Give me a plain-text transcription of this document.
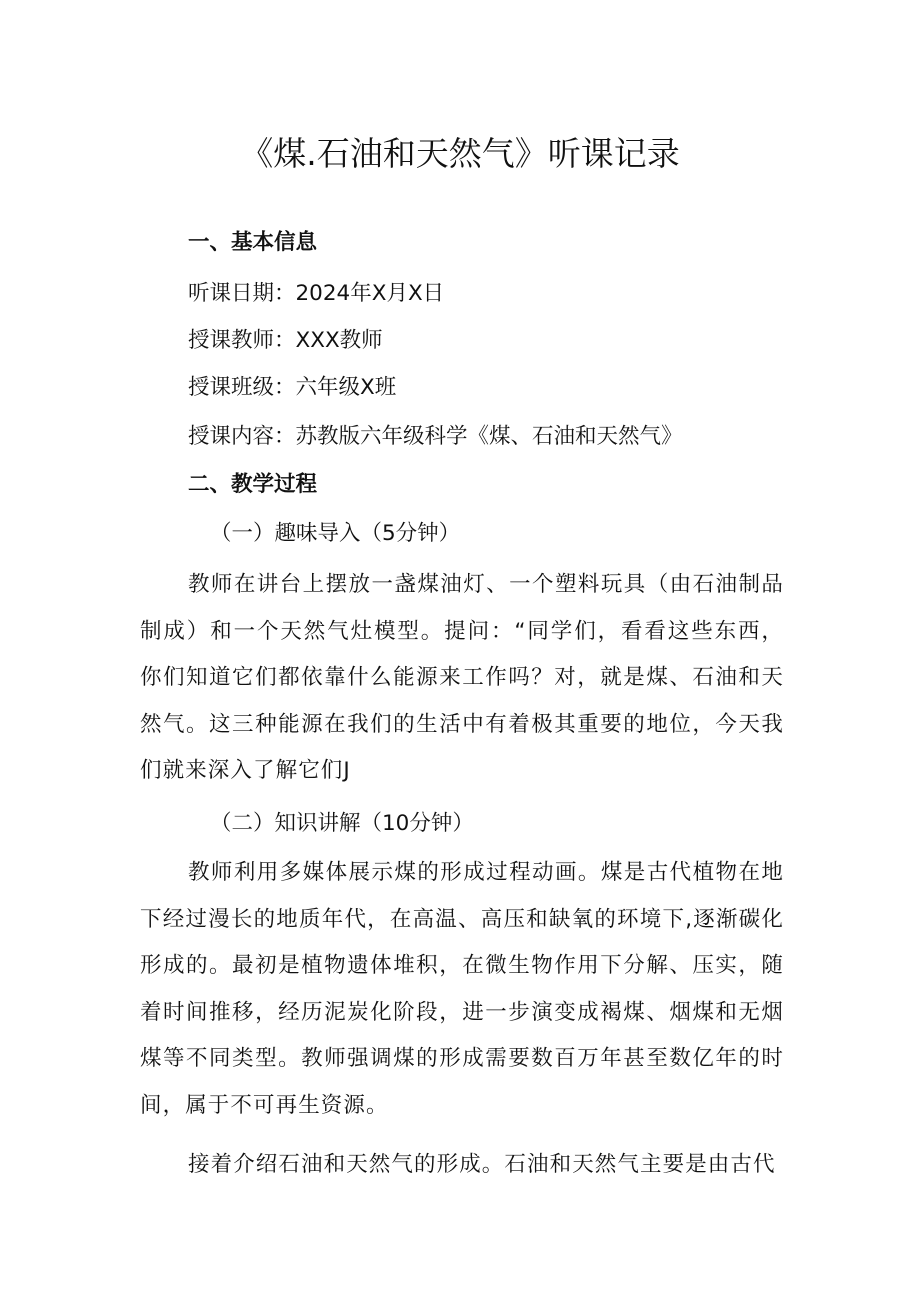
《煤.石油和天然气》听课记录

一、基本信息

听课日期：2024年X月X日

授课教师：XXX教师

授课班级：六年级X班

授课内容：苏教版六年级科学《煤、石油和天然气》

二、教学过程

（一）趣味导入（5分钟）

教师在讲台上摆放一盏煤油灯、一个塑料玩具（由石油制品制成）和一个天然气灶模型。提问：“同学们，看看这些东西，你们知道它们都依靠什么能源来工作吗？对，就是煤、石油和天然气。这三种能源在我们的生活中有着极其重要的地位，今天我们就来深入了解它们J

（二）知识讲解（10分钟）

教师利用多媒体展示煤的形成过程动画。煤是古代植物在地下经过漫长的地质年代，在高温、高压和缺氧的环境下,逐渐碳化形成的。最初是植物遗体堆积，在微生物作用下分解、压实，随着时间推移，经历泥炭化阶段，进一步演变成褐煤、烟煤和无烟煤等不同类型。教师强调煤的形成需要数百万年甚至数亿年的时间，属于不可再生资源。

接着介绍石油和天然气的形成。石油和天然气主要是由古代
